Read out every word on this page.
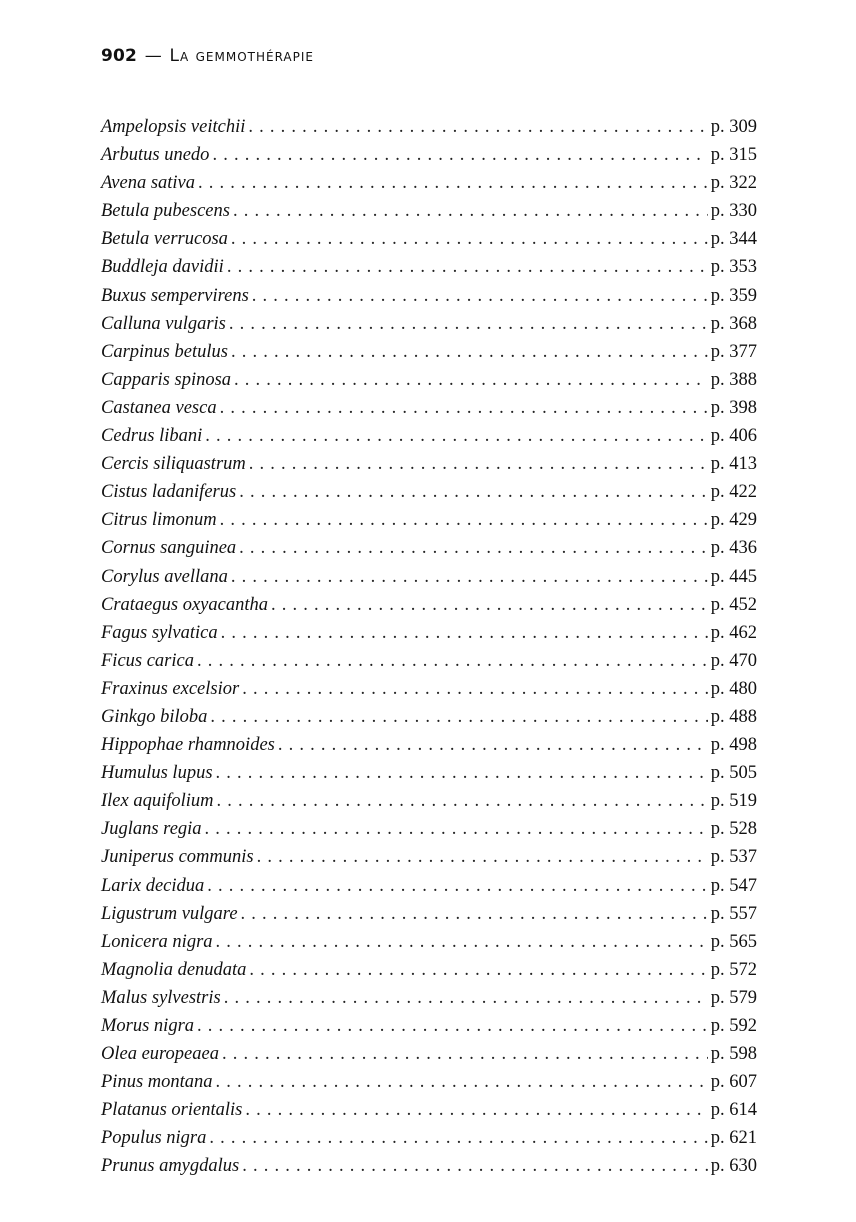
902 — La gemmothérapie
Ampelopsis veitchii . . .	p. 309
Arbutus unedo . . .	p. 315
Avena sativa . . .	p. 322
Betula pubescens . . .	p. 330
Betula verrucosa . . .	p. 344
Buddleja davidii . . .	p. 353
Buxus sempervirens . . .	p. 359
Calluna vulgaris . . .	p. 368
Carpinus betulus . . .	p. 377
Capparis spinosa . . .	p. 388
Castanea vesca . . .	p. 398
Cedrus libani . . .	p. 406
Cercis siliquastrum . . .	p. 413
Cistus ladaniferus . . .	p. 422
Citrus limonum . . .	p. 429
Cornus sanguinea . . .	p. 436
Corylus avellana . . .	p. 445
Crataegus oxyacantha . . .	p. 452
Fagus sylvatica . . .	p. 462
Ficus carica . . .	p. 470
Fraxinus excelsior . . .	p. 480
Ginkgo biloba . . .	p. 488
Hippophae rhamnoides . . .	p. 498
Humulus lupus . . .	p. 505
Ilex aquifolium . . .	p. 519
Juglans regia . . .	p. 528
Juniperus communis . . .	p. 537
Larix decidua . . .	p. 547
Ligustrum vulgare . . .	p. 557
Lonicera nigra . . .	p. 565
Magnolia denudata . . .	p. 572
Malus sylvestris . . .	p. 579
Morus nigra . . .	p. 592
Olea europeaea . . .	p. 598
Pinus montana . . .	p. 607
Platanus orientalis . . .	p. 614
Populus nigra . . .	p. 621
Prunus amygdalus . . .	p. 630
